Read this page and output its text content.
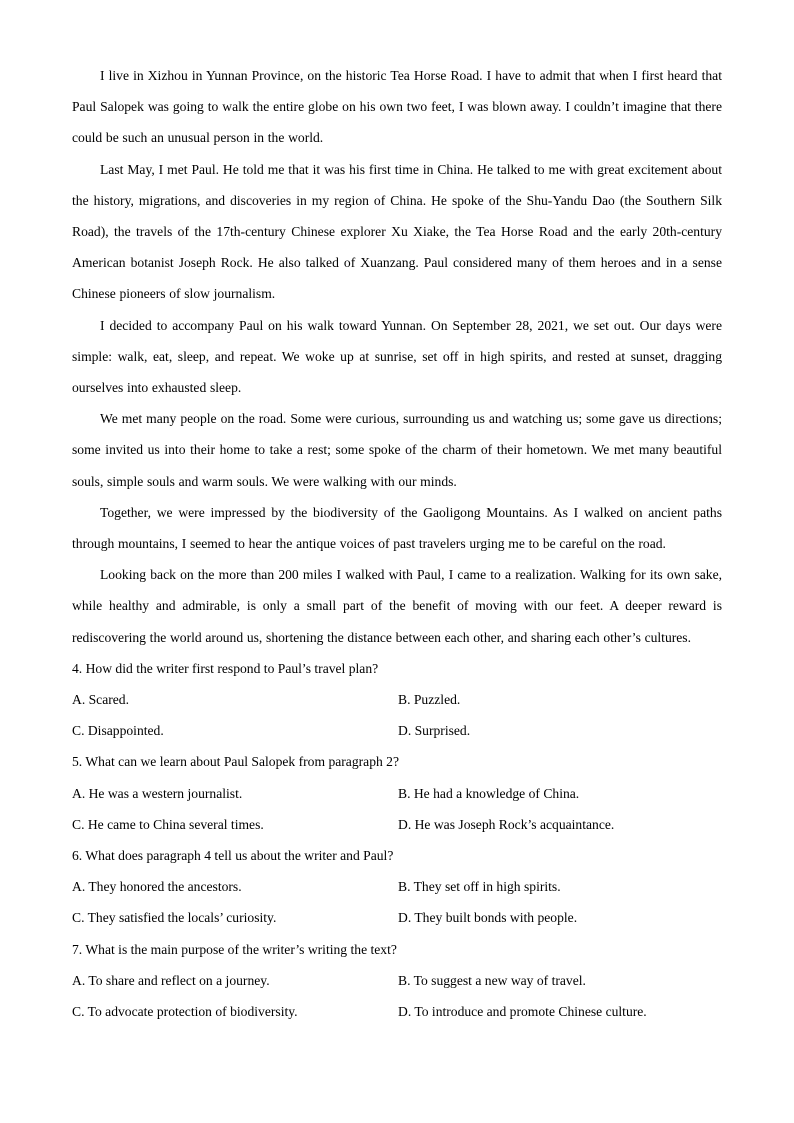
I live in Xizhou in Yunnan Province, on the historic Tea Horse Road. I have to admit that when I first heard that Paul Salopek was going to walk the entire globe on his own two feet, I was blown away. I couldn’t imagine that there could be such an unusual person in the world.

Last May, I met Paul. He told me that it was his first time in China. He talked to me with great excitement about the history, migrations, and discoveries in my region of China. He spoke of the Shu-Yandu Dao (the Southern Silk Road), the travels of the 17th-century Chinese explorer Xu Xiake, the Tea Horse Road and the early 20th-century American botanist Joseph Rock. He also talked of Xuanzang. Paul considered many of them heroes and in a sense Chinese pioneers of slow journalism.

I decided to accompany Paul on his walk toward Yunnan. On September 28, 2021, we set out. Our days were simple: walk, eat, sleep, and repeat. We woke up at sunrise, set off in high spirits, and rested at sunset, dragging ourselves into exhausted sleep.

We met many people on the road. Some were curious, surrounding us and watching us; some gave us directions; some invited us into their home to take a rest; some spoke of the charm of their hometown. We met many beautiful souls, simple souls and warm souls. We were walking with our minds.

Together, we were impressed by the biodiversity of the Gaoligong Mountains. As I walked on ancient paths through mountains, I seemed to hear the antique voices of past travelers urging me to be careful on the road.

Looking back on the more than 200 miles I walked with Paul, I came to a realization. Walking for its own sake, while healthy and admirable, is only a small part of the benefit of moving with our feet. A deeper reward is rediscovering the world around us, shortening the distance between each other, and sharing each other’s cultures.

4. How did the writer first respond to Paul’s travel plan?

A. Scared.	B. Puzzled.
C. Disappointed.	D. Surprised.

5. What can we learn about Paul Salopek from paragraph 2?

A. He was a western journalist.	B. He had a knowledge of China.
C. He came to China several times.	D. He was Joseph Rock’s acquaintance.

6. What does paragraph 4 tell us about the writer and Paul?

A. They honored the ancestors.	B. They set off in high spirits.
C. They satisfied the locals’ curiosity.	D. They built bonds with people.

7. What is the main purpose of the writer’s writing the text?

A. To share and reflect on a journey.	B. To suggest a new way of travel.
C. To advocate protection of biodiversity.	D. To introduce and promote Chinese culture.
